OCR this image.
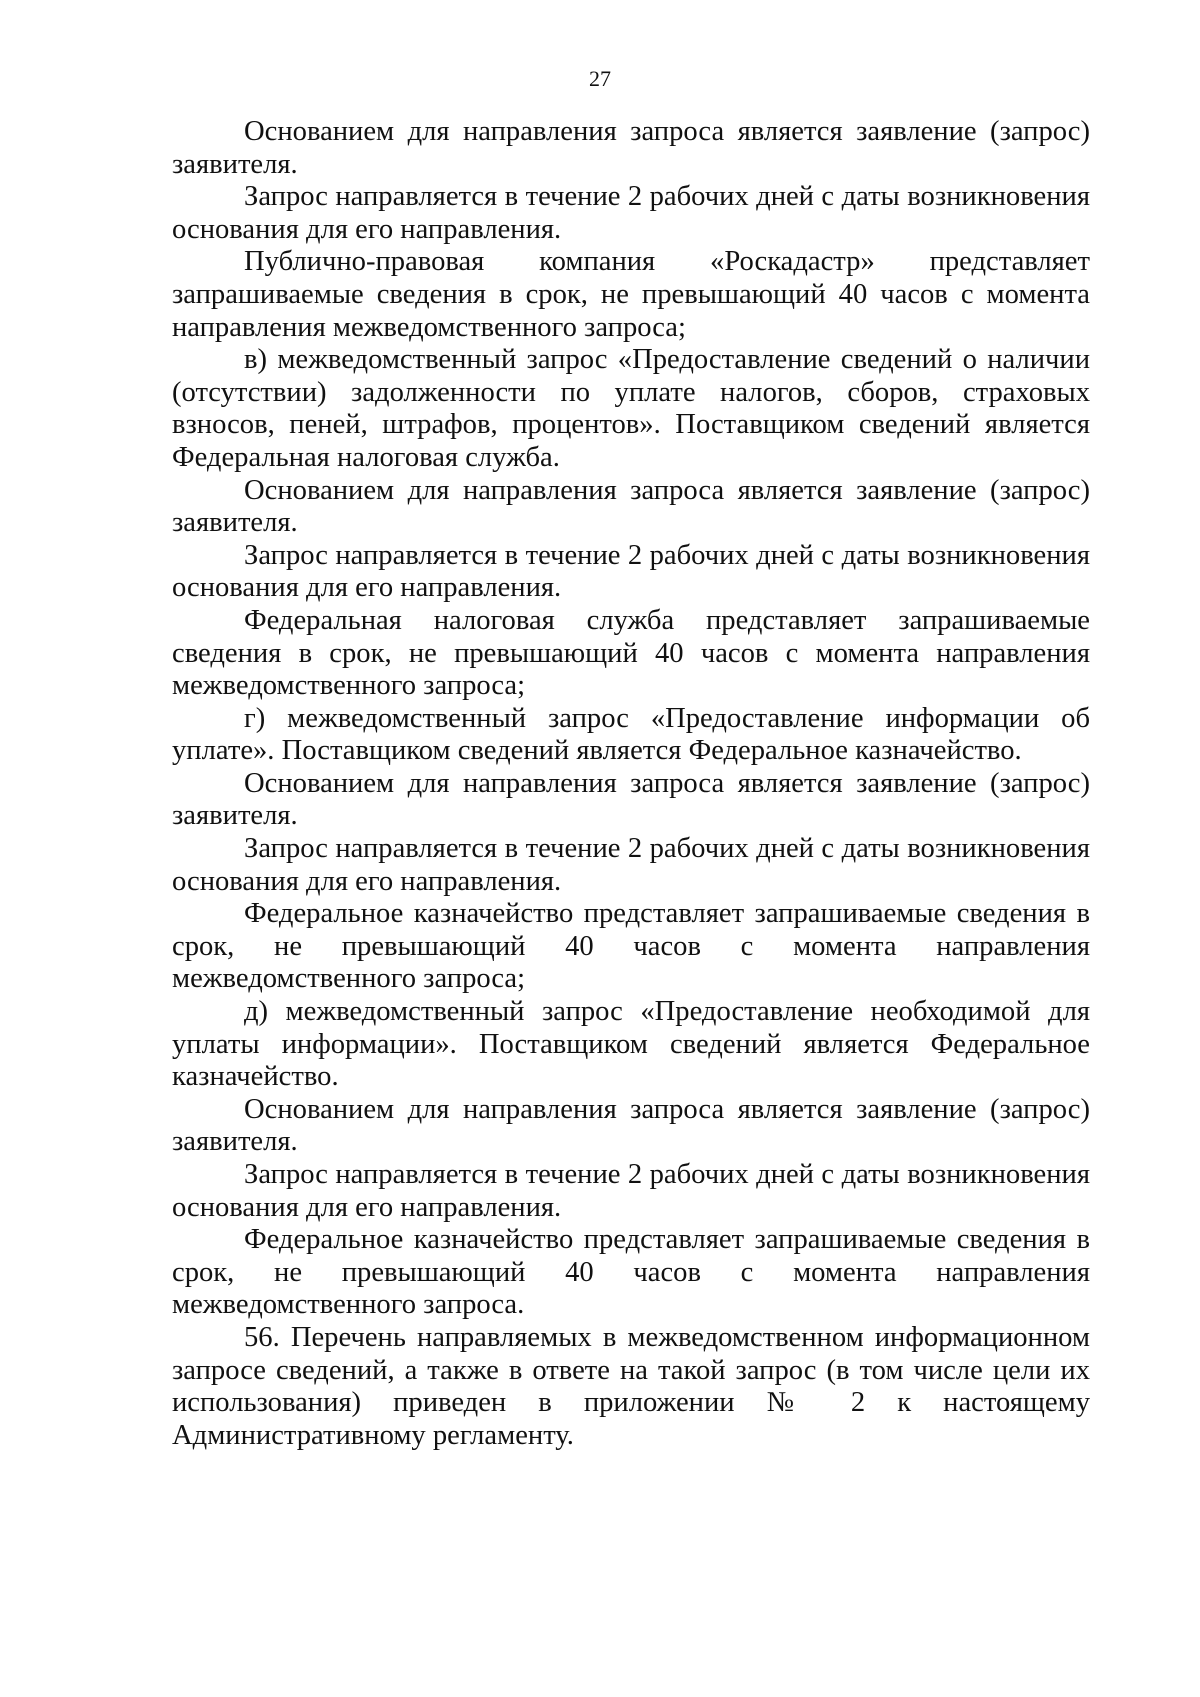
27

Основанием для направления запроса является заявление (запрос) заявителя.

Запрос направляется в течение 2 рабочих дней с даты возникновения основания для его направления.

Публично-правовая компания «Роскадастр» представляет запрашиваемые сведения в срок, не превышающий 40 часов с момента направления межведомственного запроса;

в) межведомственный запрос «Предоставление сведений о наличии (отсутствии) задолженности по уплате налогов, сборов, страховых взносов, пеней, штрафов, процентов». Поставщиком сведений является Федеральная налоговая служба.

Основанием для направления запроса является заявление (запрос) заявителя.

Запрос направляется в течение 2 рабочих дней с даты возникновения основания для его направления.

Федеральная налоговая служба представляет запрашиваемые сведения в срок, не превышающий 40 часов с момента направления межведомственного запроса;

г) межведомственный запрос «Предоставление информации об уплате». Поставщиком сведений является Федеральное казначейство.

Основанием для направления запроса является заявление (запрос) заявителя.

Запрос направляется в течение 2 рабочих дней с даты возникновения основания для его направления.

Федеральное казначейство представляет запрашиваемые сведения в срок, не превышающий 40 часов с момента направления межведомственного запроса;

д) межведомственный запрос «Предоставление необходимой для уплаты информации». Поставщиком сведений является Федеральное казначейство.

Основанием для направления запроса является заявление (запрос) заявителя.

Запрос направляется в течение 2 рабочих дней с даты возникновения основания для его направления.

Федеральное казначейство представляет запрашиваемые сведения в срок, не превышающий 40 часов с момента направления межведомственного запроса.

56. Перечень направляемых в межведомственном информационном запросе сведений, а также в ответе на такой запрос (в том числе цели их использования) приведен в приложении № 2 к настоящему Административному регламенту.
